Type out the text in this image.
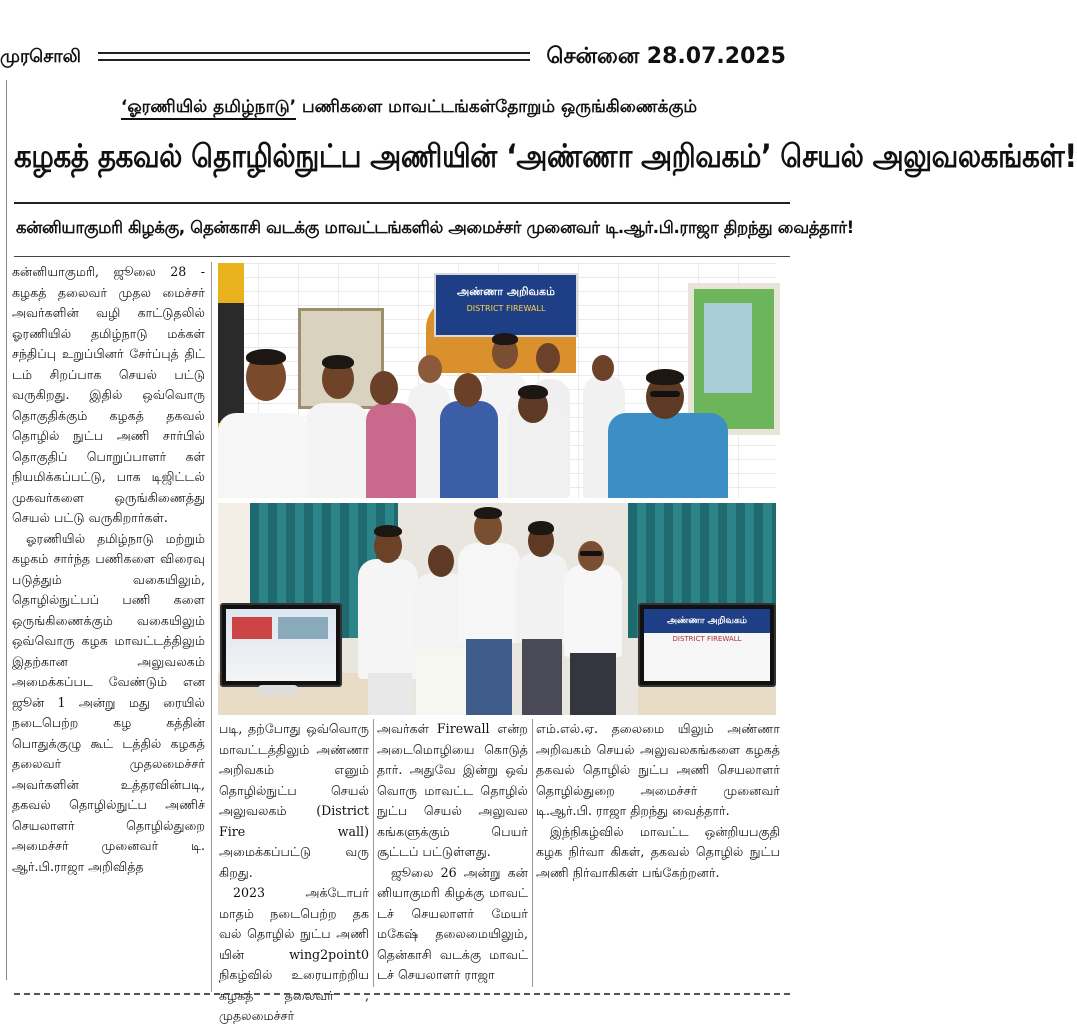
முரசொலி	சென்னை 28.07.2025
‘ஓரணியில் தமிழ்நாடு’ பணிகளை மாவட்டங்கள்தோறும் ஒருங்கிணைக்கும்
கழகத் தகவல் தொழில்நுட்ப அணியின் ‘அண்ணா அறிவகம்’ செயல் அலுவலகங்கள்!
கன்னியாகுமரி கிழக்கு, தென்காசி வடக்கு மாவட்டங்களில் அமைச்சர் முனைவர் டி.ஆர்.பி.ராஜா திறந்து வைத்தார்!

கன்னியாகுமரி, ஜூலை 28 - கழகத் தலைவர் முதல மைச்சர் அவர்களின் வழி காட்டுதலில் ஓரணியில் தமிழ்நாடு மக்கள் சந்திப்பு உறுப்பினர் சேர்ப்புத் திட் டம் சிறப்பாக செயல் பட்டு வருகிறது. இதில் ஒவ்வொரு தொகுதிக்கும் கழகத் தகவல் தொழில் நுட்ப அணி சார்பில் தொகுதிப் பொறுப்பாளர் கள் நியமிக்கப்பட்டு, பாக டிஜிட்டல் முகவர்களை ஒருங்கிணைத்து செயல் பட்டு வருகிறார்கள்.

ஓரணியில் தமிழ்நாடு மற்றும் கழகம் சார்ந்த பணிகளை விரைவு படுத்தும் வகையிலும், தொழில்நுட்பப் பணி களை ஒருங்கிணைக்கும் வகையிலும் ஒவ்வொரு கழக மாவட்டத்திலும் இதற்கான அலுவலகம் அமைக்கப்பட வேண்டும் என ஜூன் 1 அன்று மது ரையில் நடைபெற்ற கழ கத்தின் பொதுக்குழு கூட் டத்தில் கழகத் தலைவர் முதலமைச்சர் அவர்களின் உத்தரவின்படி, தகவல் தொழில்நுட்ப அணிச் செயலாளர் தொழில்துறை அமைச்சர் முனைவர் டி. ஆர்.பி.ராஜா அறிவித்த

அண்ணா அறிவகம்
DISTRICT FIREWALL
அண்ணா அறிவகம்
DISTRICT FIREWALL

படி, தற்போது ஒவ்வொரு மாவட்டத்திலும் அண்ணா அறிவகம் எனும் தொழில்நுட்ப செயல் அலுவலகம் (District Fire wall) அமைக்கப்பட்டு வரு கிறது.

2023 அக்டோபர் மாதம் நடைபெற்ற தக வல் தொழில் நுட்ப அணி யின் wing2point0 நிகழ்வில் உரையாற்றிய கழகத் தலைவர் , முதலமைச்சர்

அவர்கள் Firewall என்ற அடைமொழியை கொடுத் தார். அதுவே இன்று ஒவ் வொரு மாவட்ட தொழில் நுட்ப செயல் அலுவல கங்களுக்கும் பெயர் சூட்டப் பட்டுள்ளது.

ஜூலை 26 அன்று கன் னியாகுமரி கிழக்கு மாவட் டச் செயலாளர் மேயர் மகேஷ் தலைமையிலும், தென்காசி வடக்கு மாவட் டச் செயலாளர் ராஜா

எம்.எல்.ஏ. தலைமை யிலும் அண்ணா அறிவகம் செயல் அலுவலகங்களை கழகத் தகவல் தொழில் நுட்ப அணி செயலாளர் தொழில்துறை அமைச்சர் முனைவர் டி.ஆர்.பி. ராஜா திறந்து வைத்தார்.

இந்நிகழ்வில் மாவட்ட ஒன்றியபகுதி கழக நிர்வா கிகள், தகவல் தொழில் நுட்ப அணி நிர்வாகிகள் பங்கேற்றனர்.
